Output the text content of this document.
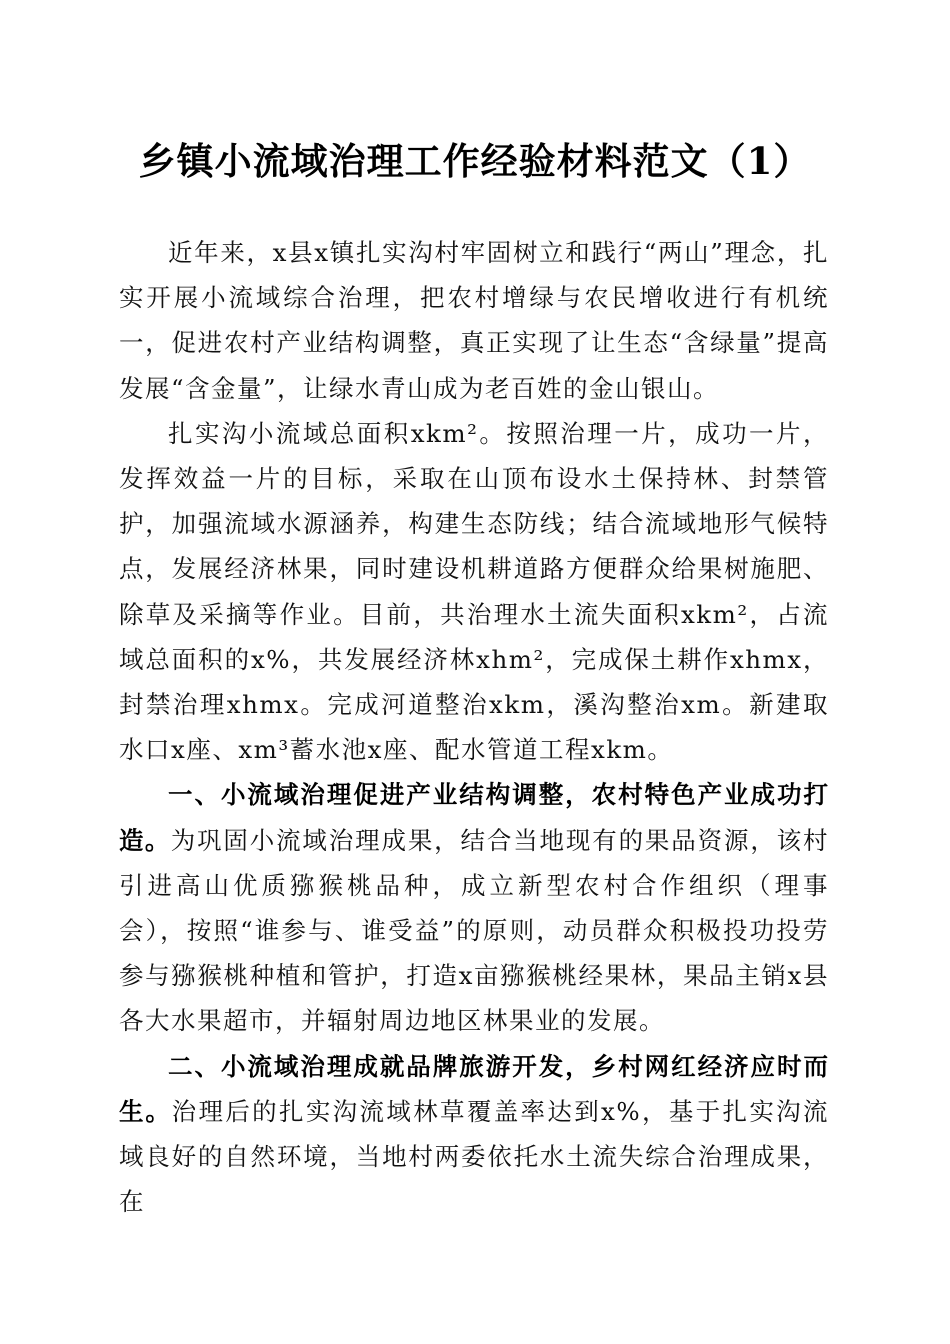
乡镇小流域治理工作经验材料范文（1）

近年来，x县x镇扎实沟村牢固树立和践行“两山”理念，扎实开展小流域综合治理，把农村增绿与农民增收进行有机统一，促进农村产业结构调整，真正实现了让生态“含绿量”提高发展“含金量”，让绿水青山成为老百姓的金山银山。

扎实沟小流域总面积xkm²。按照治理一片，成功一片，发挥效益一片的目标，采取在山顶布设水土保持林、封禁管护，加强流域水源涵养，构建生态防线；结合流域地形气候特点，发展经济林果，同时建设机耕道路方便群众给果树施肥、除草及采摘等作业。目前，共治理水土流失面积xkm²，占流域总面积的x%，共发展经济林xhm²，完成保土耕作xhmx，封禁治理xhmx。完成河道整治xkm，溪沟整治xm。新建取水口x座、xm³蓄水池x座、配水管道工程xkm。

一、小流域治理促进产业结构调整，农村特色产业成功打造。为巩固小流域治理成果，结合当地现有的果品资源，该村引进高山优质猕猴桃品种，成立新型农村合作组织（理事会），按照“谁参与、谁受益”的原则，动员群众积极投功投劳参与猕猴桃种植和管护，打造x亩猕猴桃经果林，果品主销x县各大水果超市，并辐射周边地区林果业的发展。

二、小流域治理成就品牌旅游开发，乡村网红经济应时而生。治理后的扎实沟流域林草覆盖率达到x%，基于扎实沟流域良好的自然环境，当地村两委依托水土流失综合治理成果，在
